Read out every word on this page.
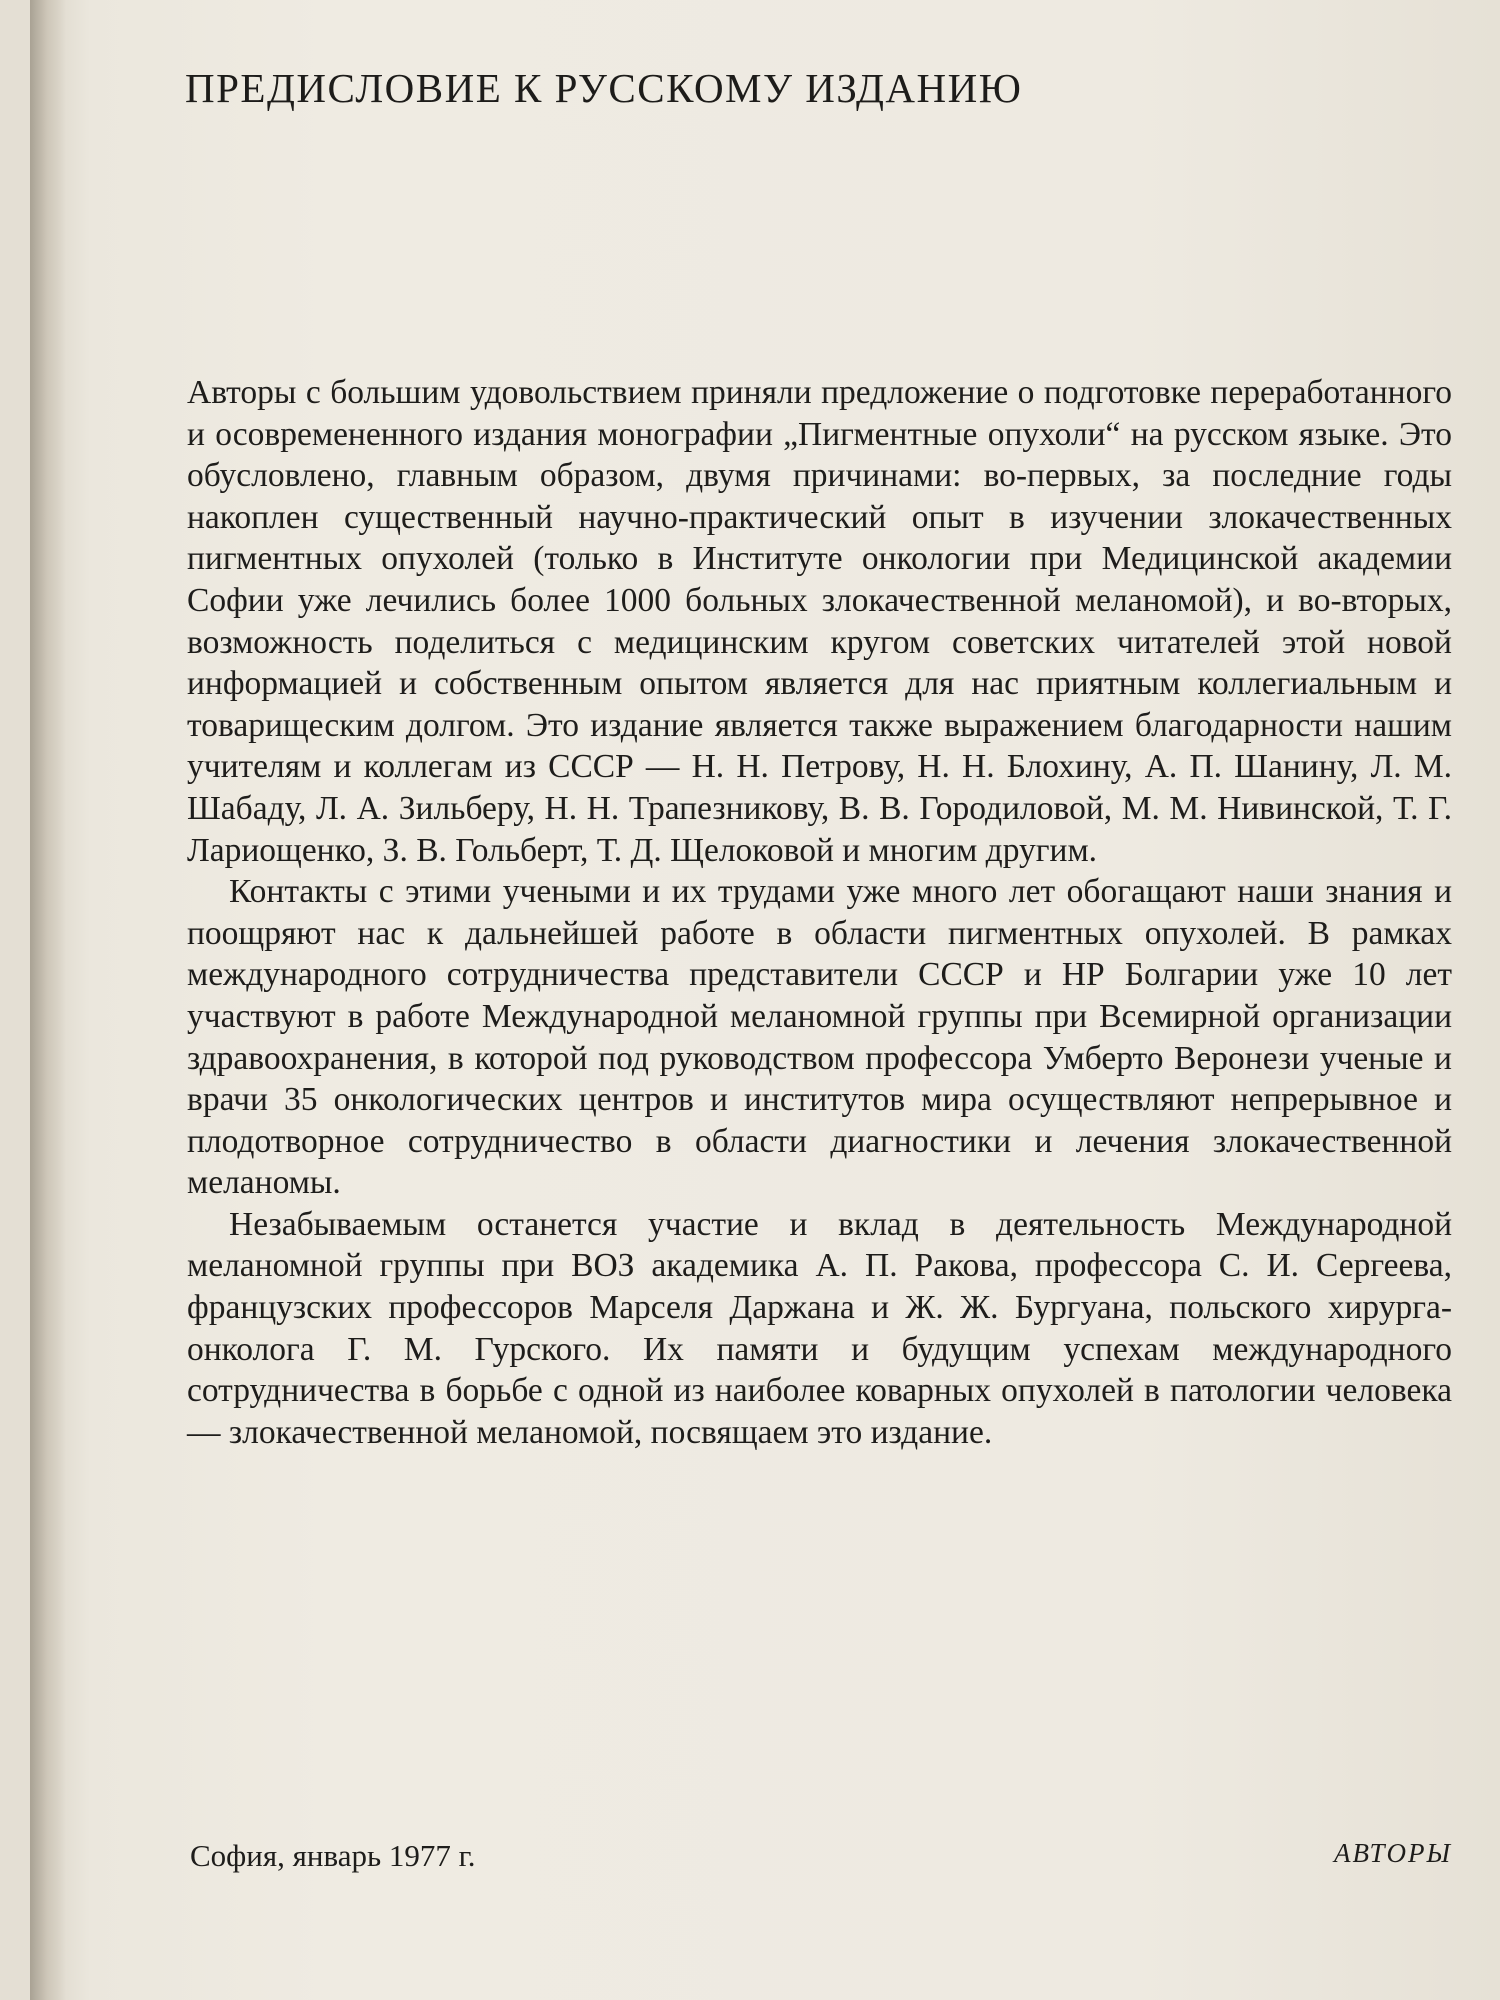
ПРЕДИСЛОВИЕ К РУССКОМУ ИЗДАНИЮ

Авторы с большим удовольствием приняли предложение о подготовке переработанного и осовремененного издания монографии „Пигментные опухоли“ на русском языке. Это обусловлено, главным образом, двумя причинами: во-первых, за последние годы накоплен существенный научно-практический опыт в изучении злокачественных пигментных опухолей (только в Институте онкологии при Медицинской академии Софии уже лечились более 1000 больных злокачественной меланомой), и во-вторых, возможность поделиться с медицинским кругом советских читателей этой новой информацией и собственным опытом является для нас приятным коллегиальным и товарищеским долгом. Это издание является также выражением благодарности нашим учителям и коллегам из СССР — Н. Н. Петрову, Н. Н. Блохину, А. П. Шанину, Л. М. Шабаду, Л. А. Зильберу, Н. Н. Трапезникову, В. В. Городиловой, М. М. Нивинской, Т. Г. Лариощенко, З. В. Гольберт, Т. Д. Щелоковой и многим другим.

Контакты с этими учеными и их трудами уже много лет обогащают наши знания и поощряют нас к дальнейшей работе в области пигментных опухолей. В рамках международного сотрудничества представители СССР и НР Болгарии уже 10 лет участвуют в работе Международной меланомной группы при Всемирной организации здравоохранения, в которой под руководством профессора Умберто Веронези ученые и врачи 35 онкологических центров и институтов мира осуществляют непрерывное и плодотворное сотрудничество в области диагностики и лечения злокачественной меланомы.

Незабываемым останется участие и вклад в деятельность Международной меланомной группы при ВОЗ академика А. П. Ракова, профессора С. И. Сергеева, французских профессоров Марселя Даржана и Ж. Ж. Бургуана, польского хирурга-онколога Г. М. Гурского. Их памяти и будущим успехам международного сотрудничества в борьбе с одной из наиболее коварных опухолей в патологии человека — злокачественной меланомой, посвящаем это издание.

София, январь 1977 г.	АВТОРЫ
